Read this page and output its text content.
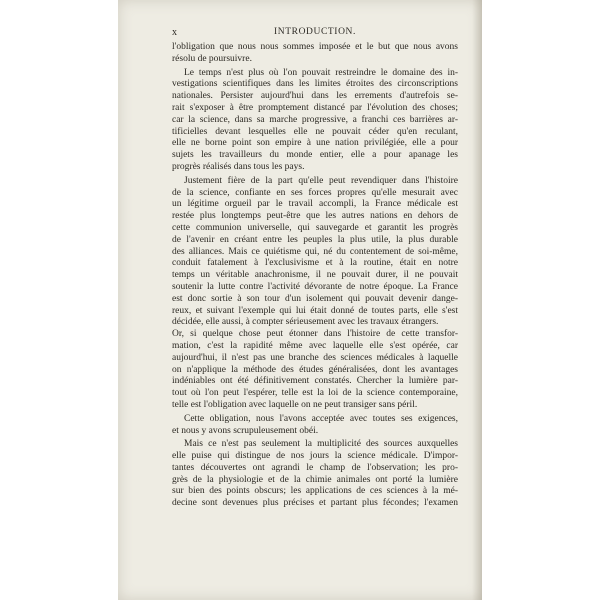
x	INTRODUCTION.
l'obligation que nous nous sommes imposée et le but que nous avons
résolu de poursuivre.
Le temps n'est plus où l'on pouvait restreindre le domaine des in-
vestigations scientifiques dans les limites étroites des circonscriptions
nationales. Persister aujourd'hui dans les errements d'autrefois se-
rait s'exposer à être promptement distancé par l'évolution des choses;
car la science, dans sa marche progressive, a franchi ces barrières ar-
tificielles devant lesquelles elle ne pouvait céder qu'en reculant,
elle ne borne point son empire à une nation privilégiée, elle a pour
sujets les travailleurs du monde entier, elle a pour apanage les
progrès réalisés dans tous les pays.
Justement fière de la part qu'elle peut revendiquer dans l'histoire
de la science, confiante en ses forces propres qu'elle mesurait avec
un légitime orgueil par le travail accompli, la France médicale est
restée plus longtemps peut-être que les autres nations en dehors de
cette communion universelle, qui sauvegarde et garantit les progrès
de l'avenir en créant entre les peuples la plus utile, la plus durable
des alliances. Mais ce quiétisme qui, né du contentement de soi-même,
conduit fatalement à l'exclusivisme et à la routine, était en notre
temps un véritable anachronisme, il ne pouvait durer, il ne pouvait
soutenir la lutte contre l'activité dévorante de notre époque. La France
est donc sortie à son tour d'un isolement qui pouvait devenir dange-
reux, et suivant l'exemple qui lui était donné de toutes parts, elle s'est
décidée, elle aussi, à compter sérieusement avec les travaux étrangers.
Or, si quelque chose peut étonner dans l'histoire de cette transfor-
mation, c'est la rapidité même avec laquelle elle s'est opérée, car
aujourd'hui, il n'est pas une branche des sciences médicales à laquelle
on n'applique la méthode des études généralisées, dont les avantages
indéniables ont été définitivement constatés. Chercher la lumière par-
tout où l'on peut l'espérer, telle est la loi de la science contemporaine,
telle est l'obligation avec laquelle on ne peut transiger sans péril.
Cette obligation, nous l'avons acceptée avec toutes ses exigences,
et nous y avons scrupuleusement obéi.
Mais ce n'est pas seulement la multiplicité des sources auxquelles
elle puise qui distingue de nos jours la science médicale. D'impor-
tantes découvertes ont agrandi le champ de l'observation; les pro-
grès de la physiologie et de la chimie animales ont porté la lumière
sur bien des points obscurs; les applications de ces sciences à la mé-
decine sont devenues plus précises et partant plus fécondes; l'examen
